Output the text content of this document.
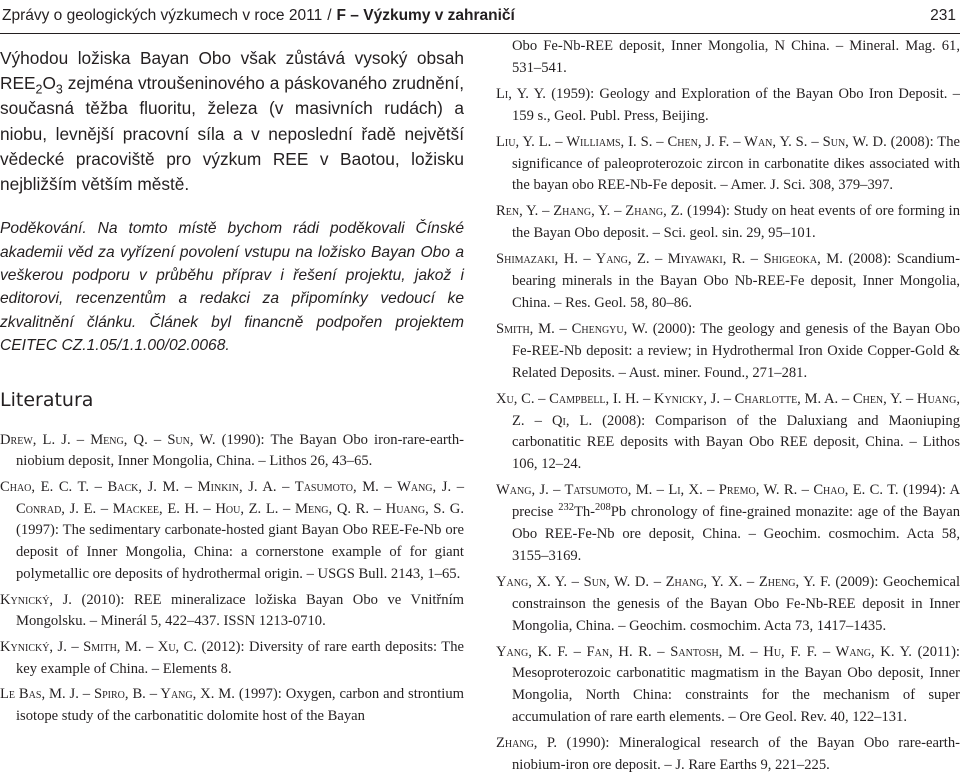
Zprávy o geologických výzkumech v roce 2011 / F – Výzkumy v zahraničí	231

Výhodou ložiska Bayan Obo však zůstává vysoký obsah $REE_2O_3$ zejména vtroušeninového a páskovaného zrudnění, současná těžba fluoritu, železa (v masivních rudách) a niobu, levnější pracovní síla a v neposlední řadě největší vědecké pracoviště pro výzkum REE v Baotou, ložisku nejbližším větším městě.

Poděkování. Na tomto místě bychom rádi poděkovali Čínské akademii věd za vyřízení povolení vstupu na ložisko Bayan Obo a veškerou podporu v průběhu příprav i řešení projektu, jakož i editorovi, recenzentům a redakci za připomínky vedoucí ke zkvalitnění článku. Článek byl financně podpořen projektem CEITEC CZ.1.05/1.1.00/02.0068.

Literatura
Drew, L. J. – Meng, Q. – Sun, W. (1990): The Bayan Obo iron-rare-earth-niobium deposit, Inner Mongolia, China. – Lithos 26, 43–65.
Chao, E. C. T. – Back, J. M. – Minkin, J. A. – Tasumoto, M. – Wang, J. – Conrad, J. E. – Mackee, E. H. – Hou, Z. L. – Meng, Q. R. – Huang, S. G. (1997): The sedimentary carbonate-hosted giant Bayan Obo REE-Fe-Nb ore deposit of Inner Mongolia, China: a cornerstone example of for giant polymetallic ore deposits of hydrothermal origin. – USGS Bull. 2143, 1–65.
Kynický, J. (2010): REE mineralizace ložiska Bayan Obo ve Vnitřním Mongolsku. – Minerál 5, 422–437. ISSN 1213-0710.
Kynický, J. – Smith, M. – Xu, C. (2012): Diversity of rare earth deposits: The key example of China. – Elements 8.
Le Bas, M. J. – Spiro, B. – Yang, X. M. (1997): Oxygen, carbon and strontium isotope study of the carbonatitic dolomite host of the Bayan
Obo Fe-Nb-REE deposit, Inner Mongolia, N China. – Mineral. Mag. 61, 531–541.
Li, Y. Y. (1959): Geology and Exploration of the Bayan Obo Iron Deposit. – 159 s., Geol. Publ. Press, Beijing.
Liu, Y. L. – Williams, I. S. – Chen, J. F. – Wan, Y. S. – Sun, W. D. (2008): The significance of paleoproterozoic zircon in carbonatite dikes associated with the bayan obo REE-Nb-Fe deposit. – Amer. J. Sci. 308, 379–397.
Ren, Y. – Zhang, Y. – Zhang, Z. (1994): Study on heat events of ore forming in the Bayan Obo deposit. – Sci. geol. sin. 29, 95–101.
Shimazaki, H. – Yang, Z. – Miyawaki, R. – Shigeoka, M. (2008): Scandium-bearing minerals in the Bayan Obo Nb-REE-Fe deposit, Inner Mongolia, China. – Res. Geol. 58, 80–86.
Smith, M. – Chengyu, W. (2000): The geology and genesis of the Bayan Obo Fe-REE-Nb deposit: a review; in Hydrothermal Iron Oxide Copper-Gold & Related Deposits. – Aust. miner. Found., 271–281.
Xu, C. – Campbell, I. H. – Kynicky, J. – Charlotte, M. A. – Chen, Y. – Huang, Z. – Qi, L. (2008): Comparison of the Daluxiang and Maoniuping carbonatitic REE deposits with Bayan Obo REE deposit, China. – Lithos 106, 12–24.
Wang, J. – Tatsumoto, M. – Li, X. – Premo, W. R. – Chao, E. C. T. (1994): A precise $^{232}$Th-$^{208}$Pb chronology of fine-grained monazite: age of the Bayan Obo REE-Fe-Nb ore deposit, China. – Geochim. cosmochim. Acta 58, 3155–3169.
Yang, X. Y. – Sun, W. D. – Zhang, Y. X. – Zheng, Y. F. (2009): Geochemical constrainson the genesis of the Bayan Obo Fe-Nb-REE deposit in Inner Mongolia, China. – Geochim. cosmochim. Acta 73, 1417–1435.
Yang, K. F. – Fan, H. R. – Santosh, M. – Hu, F. F. – Wang, K. Y. (2011): Mesoproterozoic carbonatitic magmatism in the Bayan Obo deposit, Inner Mongolia, North China: constraints for the mechanism of super accumulation of rare earth elements. – Ore Geol. Rev. 40, 122–131.
Zhang, P. (1990): Mineralogical research of the Bayan Obo rare-earth-niobium-iron ore deposit. – J. Rare Earths 9, 221–225.
